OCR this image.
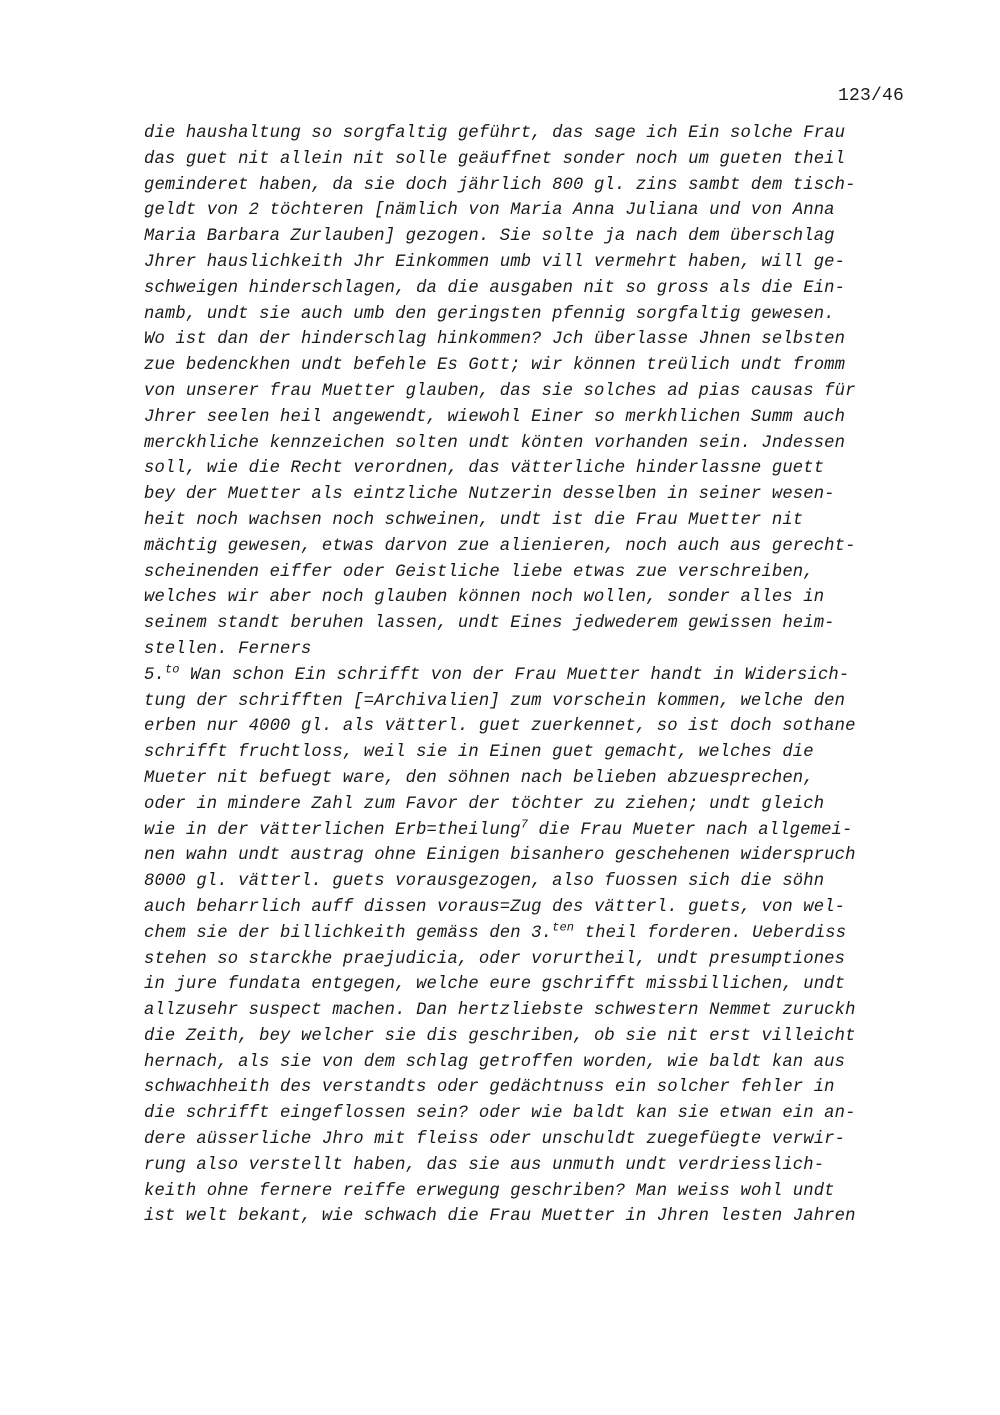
123/46
die haushaltung so sorgfaltig geführt, das sage ich Ein solche Frau
das guet nit allein nit solle geäuffnet sonder noch um gueten theil
geminderet haben, da sie doch jährlich 800 gl. zins sambt dem tisch-
geldt von 2 töchteren [nämlich von Maria Anna Juliana und von Anna
Maria Barbara Zurlauben] gezogen. Sie solte ja nach dem überschlag
Jhrer hauslichkeith Jhr Einkommen umb vill vermehrt haben, will ge-
schweigen hinderschlagen, da die ausgaben nit so gross als die Ein-
namb, undt sie auch umb den geringsten pfennig sorgfaltig gewesen.
Wo ist dan der hinderschlag hinkommen? Jch überlasse Jhnen selbsten
zue bedenckhen undt befehle Es Gott; wir können treülich undt fromm
von unserer frau Muetter glauben, das sie solches ad pias causas für
Jhrer seelen heil angewendt, wiewohl Einer so merkhlichen Summ auch
merckhliche kennzeichen solten undt könten vorhanden sein. Jndessen
soll, wie die Recht verordnen, das vätterliche hinderlassne guett
bey der Muetter als eintzliche Nutzerin desselben in seiner wesen-
heit noch wachsen noch schweinen, undt ist die Frau Muetter nit
mächtig gewesen, etwas darvon zue alienieren, noch auch aus gerecht-
scheinenden eiffer oder Geistliche liebe etwas zue verschreiben,
welches wir aber noch glauben können noch wollen, sonder alles in
seinem standt beruhen lassen, undt Eines jedwederem gewissen heim-
stellen. Ferners
5.$^{to}$ Wan schon Ein schrifft von der Frau Muetter handt in Widersich-
tung der schrifften [=Archivalien] zum vorschein kommen, welche den
erben nur 4000 gl. als vätterl. guet zuerkennet, so ist doch sothane
schrifft fruchtloss, weil sie in Einen guet gemacht, welches die
Mueter nit befuegt ware, den söhnen nach belieben abzuesprechen,
oder in mindere Zahl zum Favor der töchter zu ziehen; undt gleich
wie in der vätterlichen Erb=theilung$^7$ die Frau Mueter nach allgemei-
nen wahn undt austrag ohne Einigen bisanhero geschehenen widerspruch
8000 gl. vätterl. guets vorausgezogen, also fuossen sich die söhn
auch beharrlich auff dissen voraus=Zug des vätterl. guets, von wel-
chem sie der billichkeith gemäss den 3.$^{ten}$ theil forderen. Ueberdiss
stehen so starckhe praejudicia, oder vorurtheil, undt presumptiones
in jure fundata entgegen, welche eure gschrifft missbillichen, undt
allzusehr suspect machen. Dan hertzliebste schwestern Nemmet zuruckh
die Zeith, bey welcher sie dis geschriben, ob sie nit erst villeicht
hernach, als sie von dem schlag getroffen worden, wie baldt kan aus
schwachheith des verstandts oder gedächtnuss ein solcher fehler in
die schrifft eingeflossen sein? oder wie baldt kan sie etwan ein an-
dere aüsserliche Jhro mit fleiss oder unschuldt zuegefüegte verwir-
rung also verstellt haben, das sie aus unmuth undt verdriesslich-
keith ohne fernere reiffe erwegung geschriben? Man weiss wohl undt
ist welt bekant, wie schwach die Frau Muetter in Jhren lesten Jahren
